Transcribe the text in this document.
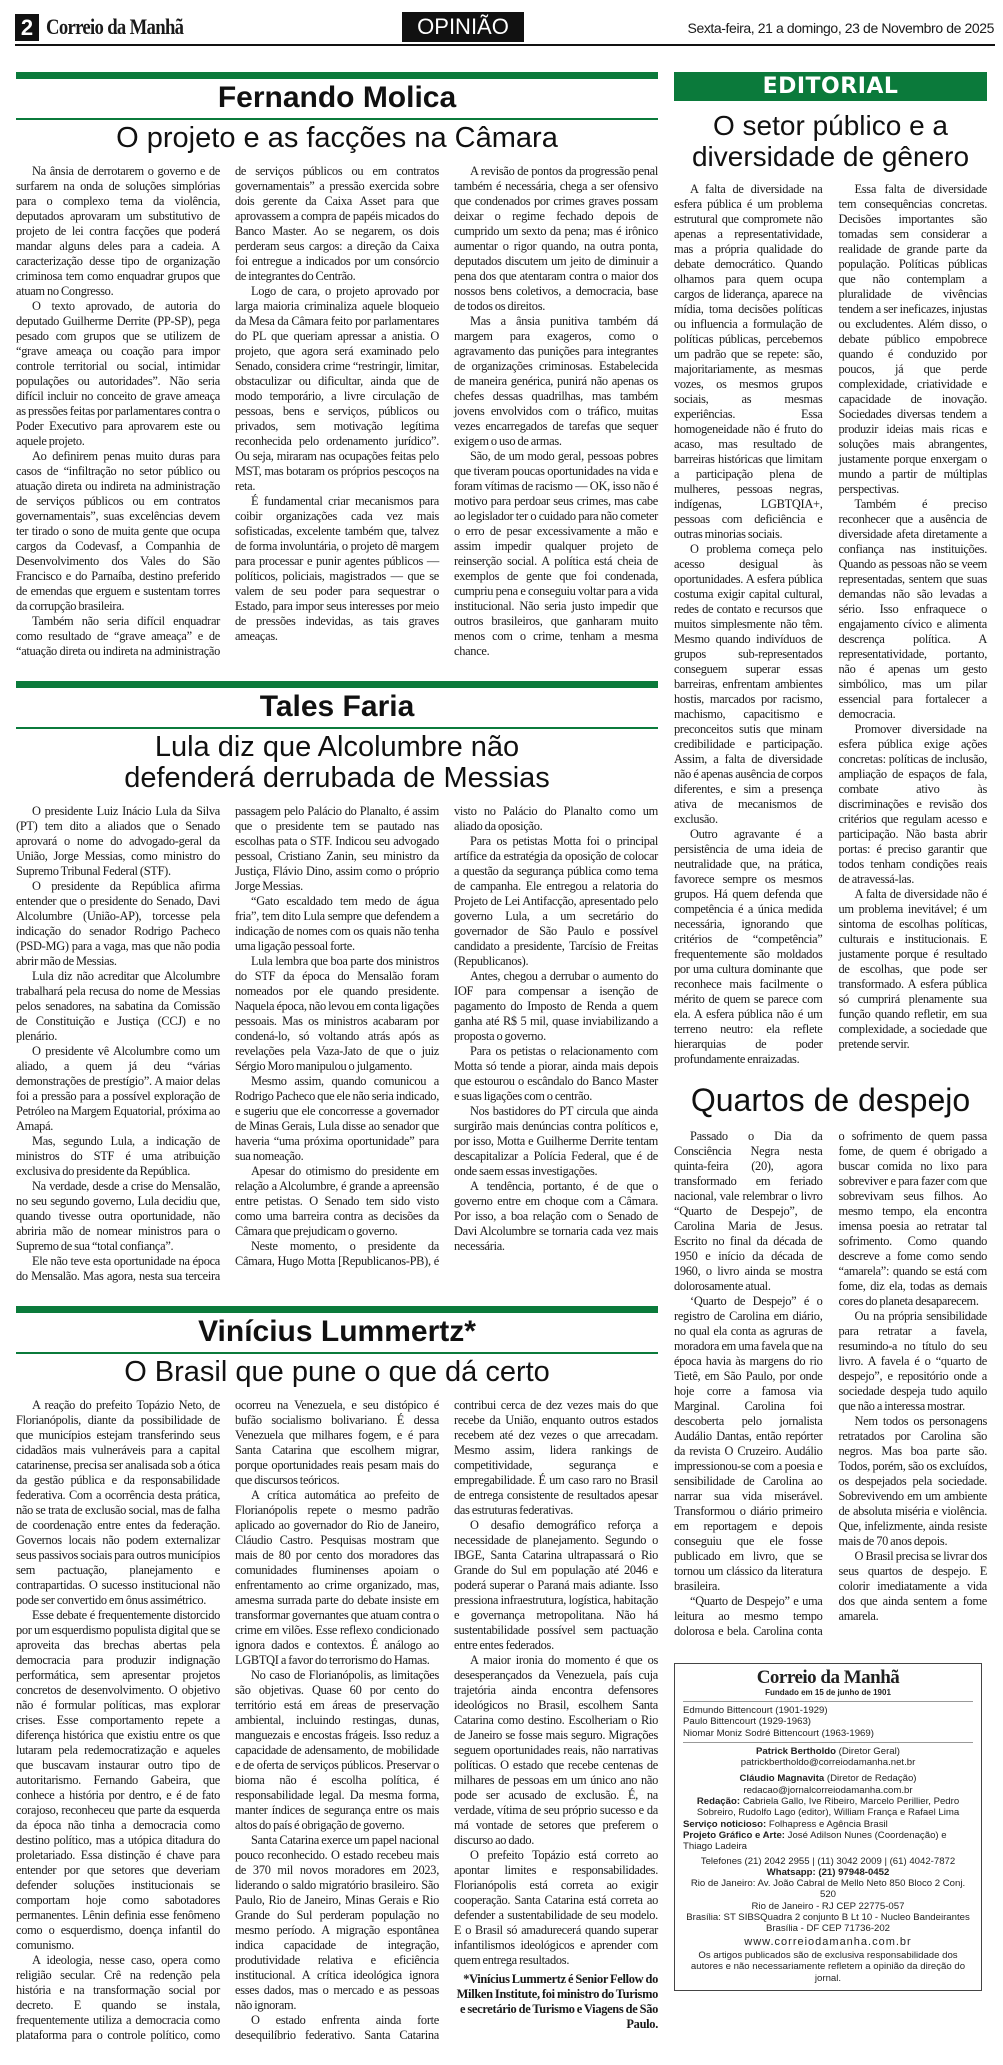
2 Correio da Manhã	OPINIÃO	Sexta-feira, 21 a domingo, 23 de Novembro de 2025
Fernando Molica
O projeto e as facções na Câmara

Na ânsia de derrotarem o governo e de surfarem na onda de soluções simplórias para o complexo tema da violência, deputados aprovaram um substitutivo de projeto de lei contra facções que poderá mandar alguns deles para a cadeia. A caracterização desse tipo de organização criminosa tem como enquadrar grupos que atuam no Congresso.

O texto aprovado, de autoria do deputado Guilherme Derrite (PP-SP), pega pesado com grupos que se utilizem de “grave ameaça ou coação para impor controle territorial ou social, intimidar populações ou autoridades”. Não seria difícil incluir no conceito de grave ameaça as pressões feitas por parlamentares contra o Poder Executivo para aprovarem este ou aquele projeto.

Ao definirem penas muito duras para casos de “infiltração no setor público ou atuação direta ou indireta na administração de serviços públicos ou em contratos governamentais”, suas excelências devem ter tirado o sono de muita gente que ocupa cargos da Codevasf, a Companhia de Desenvolvimento dos Vales do São Francisco e do Parnaíba, destino preferido de emendas que erguem e sustentam torres da corrupção brasileira.

Também não seria difícil enquadrar como resultado de “grave ameaça” e de “atuação direta ou indireta na administração de serviços públicos ou em contratos governamentais” a pressão exercida sobre dois gerente da Caixa Asset para que aprovassem a compra de papéis micados do Banco Master. Ao se negarem, os dois perderam seus cargos: a direção da Caixa foi entregue a indicados por um consórcio de integrantes do Centrão.

Logo de cara, o projeto aprovado por larga maioria criminaliza aquele bloqueio da Mesa da Câmara feito por parlamentares do PL que queriam apressar a anistia. O projeto, que agora será examinado pelo Senado, considera crime “restringir, limitar, obstaculizar ou dificultar, ainda que de modo temporário, a livre circulação de pessoas, bens e serviços, públicos ou privados, sem motivação legítima reconhecida pelo ordenamento jurídico”. Ou seja, miraram nas ocupações feitas pelo MST, mas botaram os próprios pescoços na reta.

É fundamental criar mecanismos para coibir organizações cada vez mais sofisticadas, excelente também que, talvez de forma involuntária, o projeto dê margem para processar e punir agentes públicos — políticos, policiais, magistrados — que se valem de seu poder para sequestrar o Estado, para impor seus interesses por meio de pressões indevidas, as tais graves ameaças.

A revisão de pontos da progressão penal também é necessária, chega a ser ofensivo que condenados por crimes graves possam deixar o regime fechado depois de cumprido um sexto da pena; mas é irônico aumentar o rigor quando, na outra ponta, deputados discutem um jeito de diminuir a pena dos que atentaram contra o maior dos nossos bens coletivos, a democracia, base de todos os direitos.

Mas a ânsia punitiva também dá margem para exageros, como o agravamento das punições para integrantes de organizações criminosas. Estabelecida de maneira genérica, punirá não apenas os chefes dessas quadrilhas, mas também jovens envolvidos com o tráfico, muitas vezes encarregados de tarefas que sequer exigem o uso de armas.

São, de um modo geral, pessoas pobres que tiveram poucas oportunidades na vida e foram vítimas de racismo — OK, isso não é motivo para perdoar seus crimes, mas cabe ao legislador ter o cuidado para não cometer o erro de pesar excessivamente a mão e assim impedir qualquer projeto de reinserção social. A política está cheia de exemplos de gente que foi condenada, cumpriu pena e conseguiu voltar para a vida institucional. Não seria justo impedir que outros brasileiros, que ganharam muito menos com o crime, tenham a mesma chance.

Tales Faria
Lula diz que Alcolumbre não
defenderá derrubada de Messias

O presidente Luiz Inácio Lula da Silva (PT) tem dito a aliados que o Senado aprovará o nome do advogado-geral da União, Jorge Messias, como ministro do Supremo Tribunal Federal (STF).

O presidente da República afirma entender que o presidente do Senado, Davi Alcolumbre (União-AP), torcesse pela indicação do senador Rodrigo Pacheco (PSD-MG) para a vaga, mas que não podia abrir mão de Messias.

Lula diz não acreditar que Alcolumbre trabalhará pela recusa do nome de Messias pelos senadores, na sabatina da Comissão de Constituição e Justiça (CCJ) e no plenário.

O presidente vê Alcolumbre como um aliado, a quem já deu “várias demonstrações de prestígio”. A maior delas foi a pressão para a possível exploração de Petróleo na Margem Equatorial, próxima ao Amapá.

Mas, segundo Lula, a indicação de ministros do STF é uma atribuição exclusiva do presidente da República.

Na verdade, desde a crise do Mensalão, no seu segundo governo, Lula decidiu que, quando tivesse outra oportunidade, não abriria mão de nomear ministros para o Supremo de sua “total confiança”.

Ele não teve esta oportunidade na época do Mensalão. Mas agora, nesta sua terceira passagem pelo Palácio do Planalto, é assim que o presidente tem se pautado nas escolhas pata o STF. Indicou seu advogado pessoal, Cristiano Zanin, seu ministro da Justiça, Flávio Dino, assim como o próprio Jorge Messias.

“Gato escaldado tem medo de água fria”, tem dito Lula sempre que defendem a indicação de nomes com os quais não tenha uma ligação pessoal forte.

Lula lembra que boa parte dos ministros do STF da época do Mensalão foram nomeados por ele quando presidente. Naquela época, não levou em conta ligações pessoais. Mas os ministros acabaram por condená-lo, só voltando atrás após as revelações pela Vaza-Jato de que o juiz Sérgio Moro manipulou o julgamento.

Mesmo assim, quando comunicou a Rodrigo Pacheco que ele não seria indicado, e sugeriu que ele concorresse a governador de Minas Gerais, Lula disse ao senador que haveria “uma próxima oportunidade” para sua nomeação.

Apesar do otimismo do presidente em relação a Alcolumbre, é grande a apreensão entre petistas. O Senado tem sido visto como uma barreira contra as decisões da Câmara que prejudicam o governo.

Neste momento, o presidente da Câmara, Hugo Motta [Republicanos-PB), é visto no Palácio do Planalto como um aliado da oposição.

Para os petistas Motta foi o principal artífice da estratégia da oposição de colocar a questão da segurança pública como tema de campanha. Ele entregou a relatoria do Projeto de Lei Antifacção, apresentado pelo governo Lula, a um secretário do governador de São Paulo e possível candidato a presidente, Tarcísio de Freitas (Republicanos).

Antes, chegou a derrubar o aumento do IOF para compensar a isenção de pagamento do Imposto de Renda a quem ganha até R$ 5 mil, quase inviabilizando a proposta o governo.

Para os petistas o relacionamento com Motta só tende a piorar, ainda mais depois que estourou o escândalo do Banco Master e suas ligações com o centrão.

Nos bastidores do PT circula que ainda surgirão mais denúncias contra políticos e, por isso, Motta e Guilherme Derrite tentam descapitalizar a Polícia Federal, que é de onde saem essas investigações.

A tendência, portanto, é de que o governo entre em choque com a Câmara. Por isso, a boa relação com o Senado de Davi Alcolumbre se tornaria cada vez mais necessária.

Vinícius Lummertz*
O Brasil que pune o que dá certo

A reação do prefeito Topázio Neto, de Florianópolis, diante da possibilidade de que municípios estejam transferindo seus cidadãos mais vulneráveis para a capital catarinense, precisa ser analisada sob a ótica da gestão pública e da responsabilidade federativa. Com a ocorrência desta prática, não se trata de exclusão social, mas de falha de coordenação entre entes da federação. Governos locais não podem externalizar seus passivos sociais para outros municípios sem pactuação, planejamento e contrapartidas. O sucesso institucional não pode ser convertido em ônus assimétrico.

Esse debate é frequentemente distorcido por um esquerdismo populista digital que se aproveita das brechas abertas pela democracia para produzir indignação performática, sem apresentar projetos concretos de desenvolvimento. O objetivo não é formular políticas, mas explorar crises. Esse comportamento repete a diferença histórica que existiu entre os que lutaram pela redemocratização e aqueles que buscavam instaurar outro tipo de autoritarismo. Fernando Gabeira, que conhece a história por dentro, e é de fato corajoso, reconheceu que parte da esquerda da época não tinha a democracia como destino político, mas a utópica ditadura do proletariado. Essa distinção é chave para entender por que setores que deveriam defender soluções institucionais se comportam hoje como sabotadores permanentes. Lênin definia esse fenômeno como o esquerdismo, doença infantil do comunismo.

A ideologia, nesse caso, opera como religião secular. Crê na redenção pela história e na transformação social por decreto. E quando se instala, frequentemente utiliza a democracia como plataforma para o controle político, como ocorreu na Venezuela, e seu distópico é bufão socialismo bolivariano. É dessa Venezuela que milhares fogem, e é para Santa Catarina que escolhem migrar, porque oportunidades reais pesam mais do que discursos teóricos.

A crítica automática ao prefeito de Florianópolis repete o mesmo padrão aplicado ao governador do Rio de Janeiro, Cláudio Castro. Pesquisas mostram que mais de 80 por cento dos moradores das comunidades fluminenses apoiam o enfrentamento ao crime organizado, mas, amesma surrada parte do debate insiste em transformar governantes que atuam contra o crime em vilões. Esse reflexo condicionado ignora dados e contextos. É análogo ao LGBTQI a favor do terrorismo do Hamas.

No caso de Florianópolis, as limitações são objetivas. Quase 60 por cento do território está em áreas de preservação ambiental, incluindo restingas, dunas, manguezais e encostas frágeis. Isso reduz a capacidade de adensamento, de mobilidade e de oferta de serviços públicos. Preservar o bioma não é escolha política, é responsabilidade legal. Da mesma forma, manter índices de segurança entre os mais altos do país é obrigação de governo.

Santa Catarina exerce um papel nacional pouco reconhecido. O estado recebeu mais de 370 mil novos moradores em 2023, liderando o saldo migratório brasileiro. São Paulo, Rio de Janeiro, Minas Gerais e Rio Grande do Sul perderam população no mesmo período. A migração espontânea indica capacidade de integração, produtividade relativa e eficiência institucional. A crítica ideológica ignora esses dados, mas o mercado e as pessoas não ignoram.

O estado enfrenta ainda forte desequilíbrio federativo. Santa Catarina contribui cerca de dez vezes mais do que recebe da União, enquanto outros estados recebem até dez vezes o que arrecadam. Mesmo assim, lidera rankings de competitividade, segurança e empregabilidade. É um caso raro no Brasil de entrega consistente de resultados apesar das estruturas federativas.

O desafio demográfico reforça a necessidade de planejamento. Segundo o IBGE, Santa Catarina ultrapassará o Rio Grande do Sul em população até 2046 e poderá superar o Paraná mais adiante. Isso pressiona infraestrutura, logística, habitação e governança metropolitana. Não há sustentabilidade possível sem pactuação entre entes federados.

A maior ironia do momento é que os desesperançados da Venezuela, país cuja trajetória ainda encontra defensores ideológicos no Brasil, escolhem Santa Catarina como destino. Escolheriam o Rio de Janeiro se fosse mais seguro. Migrações seguem oportunidades reais, não narrativas políticas. O estado que recebe centenas de milhares de pessoas em um único ano não pode ser acusado de exclusão. É, na verdade, vítima de seu próprio sucesso e da má vontade de setores que preferem o discurso ao dado.

O prefeito Topázio está correto ao apontar limites e responsabilidades. Florianópolis está correta ao exigir cooperação. Santa Catarina está correta ao defender a sustentabilidade de seu modelo. E o Brasil só amadurecerá quando superar infantilismos ideológicos e aprender com quem entrega resultados.

*Vinícius Lummertz é Senior Fellow do Milken Institute, foi ministro do Turismo e secretário de Turismo e Viagens de São Paulo.

EDITORIAL
O setor público e a
diversidade de gênero

A falta de diversidade na esfera pública é um problema estrutural que compromete não apenas a representatividade, mas a própria qualidade do debate democrático. Quando olhamos para quem ocupa cargos de liderança, aparece na mídia, toma decisões políticas ou influencia a formulação de políticas públicas, percebemos um padrão que se repete: são, majoritariamente, as mesmas vozes, os mesmos grupos sociais, as mesmas experiências. Essa homogeneidade não é fruto do acaso, mas resultado de barreiras históricas que limitam a participação plena de mulheres, pessoas negras, indígenas, LGBTQIA+, pessoas com deficiência e outras minorias sociais.

O problema começa pelo acesso desigual às oportunidades. A esfera pública costuma exigir capital cultural, redes de contato e recursos que muitos simplesmente não têm. Mesmo quando indivíduos de grupos sub-representados conseguem superar essas barreiras, enfrentam ambientes hostis, marcados por racismo, machismo, capacitismo e preconceitos sutis que minam credibilidade e participação. Assim, a falta de diversidade não é apenas ausência de corpos diferentes, e sim a presença ativa de mecanismos de exclusão.

Outro agravante é a persistência de uma ideia de neutralidade que, na prática, favorece sempre os mesmos grupos. Há quem defenda que competência é a única medida necessária, ignorando que critérios de “competência” frequentemente são moldados por uma cultura dominante que reconhece mais facilmente o mérito de quem se parece com ela. A esfera pública não é um terreno neutro: ela reflete hierarquias de poder profundamente enraizadas.

Essa falta de diversidade tem consequências concretas. Decisões importantes são tomadas sem considerar a realidade de grande parte da população. Políticas públicas que não contemplam a pluralidade de vivências tendem a ser ineficazes, injustas ou excludentes. Além disso, o debate público empobrece quando é conduzido por poucos, já que perde complexidade, criatividade e capacidade de inovação. Sociedades diversas tendem a produzir ideias mais ricas e soluções mais abrangentes, justamente porque enxergam o mundo a partir de múltiplas perspectivas.

Também é preciso reconhecer que a ausência de diversidade afeta diretamente a confiança nas instituições. Quando as pessoas não se veem representadas, sentem que suas demandas não são levadas a sério. Isso enfraquece o engajamento cívico e alimenta descrença política. A representatividade, portanto, não é apenas um gesto simbólico, mas um pilar essencial para fortalecer a democracia.

Promover diversidade na esfera pública exige ações concretas: políticas de inclusão, ampliação de espaços de fala, combate ativo às discriminações e revisão dos critérios que regulam acesso e participação. Não basta abrir portas: é preciso garantir que todos tenham condições reais de atravessá-las.

A falta de diversidade não é um problema inevitável; é um sintoma de escolhas políticas, culturais e institucionais. E justamente porque é resultado de escolhas, que pode ser transformado. A esfera pública só cumprirá plenamente sua função quando refletir, em sua complexidade, a sociedade que pretende servir.

Quartos de despejo

Passado o Dia da Consciência Negra nesta quinta-feira (20), agora transformado em feriado nacional, vale relembrar o livro “Quarto de Despejo”, de Carolina Maria de Jesus. Escrito no final da década de 1950 e início da década de 1960, o livro ainda se mostra dolorosamente atual.

‘Quarto de Despejo” é o registro de Carolina em diário, no qual ela conta as agruras de moradora em uma favela que na época havia às margens do rio Tietê, em São Paulo, por onde hoje corre a famosa via Marginal. Carolina foi descoberta pelo jornalista Audálio Dantas, então repórter da revista O Cruzeiro. Audálio impressionou-se com a poesia e sensibilidade de Carolina ao narrar sua vida miserável. Transformou o diário primeiro em reportagem e depois conseguiu que ele fosse publicado em livro, que se tornou um clássico da literatura brasileira.

“Quarto de Despejo” e uma leitura ao mesmo tempo dolorosa e bela. Carolina conta o sofrimento de quem passa fome, de quem é obrigado a buscar comida no lixo para sobreviver e para fazer com que sobrevivam seus filhos. Ao mesmo tempo, ela encontra imensa poesia ao retratar tal sofrimento. Como quando descreve a fome como sendo “amarela”: quando se está com fome, diz ela, todas as demais cores do planeta desaparecem.

Ou na própria sensibilidade para retratar a favela, resumindo-a no título do seu livro. A favela é o “quarto de despejo”, e repositório onde a sociedade despeja tudo aquilo que não a interessa mostrar.

Nem todos os personagens retratados por Carolina são negros. Mas boa parte são. Todos, porém, são os excluídos, os despejados pela sociedade. Sobrevivendo em um ambiente de absoluta miséria e violência. Que, infelizmente, ainda resiste mais de 70 anos depois.

O Brasil precisa se livrar dos seus quartos de despejo. E colorir imediatamente a vida dos que ainda sentem a fome amarela.

Correio da Manhã
Fundado em 15 de junho de 1901
Edmundo Bittencourt (1901-1929)
Paulo Bittencourt (1929-1963)
Niomar Moniz Sodré Bittencourt (1963-1969)
Patrick Bertholdo (Diretor Geral)
patrickbertholdo@correiodamanha.net.br
Cláudio Magnavita (Diretor de Redação)
redacao@jornalcorreiodamanha.com.br
Redação: Cabriela Gallo, Ive Ribeiro, Marcelo Perillier, Pedro Sobreiro, Rudolfo Lago (editor), William França e Rafael Lima
Serviço noticioso: Folhapress e Agência Brasil
Projeto Gráfico e Arte: José Adilson Nunes (Coordenação) e Thiago Ladeira
Telefones (21) 2042 2955 | (11) 3042 2009 | (61) 4042-7872
Whatsapp: (21) 97948-0452
Rio de Janeiro: Av. João Cabral de Mello Neto 850 Bloco 2 Conj. 520
Rio de Janeiro - RJ CEP 22775-057
Brasília: ST SIBSQuadra 2 conjunto B Lt 10 - Nucleo Bandeirantes
Brasília - DF CEP 71736-202
www.correiodamanha.com.br
Os artigos publicados são de exclusiva responsabilidade dos autores e não necessariamente refletem a opinião da direção do jornal.
